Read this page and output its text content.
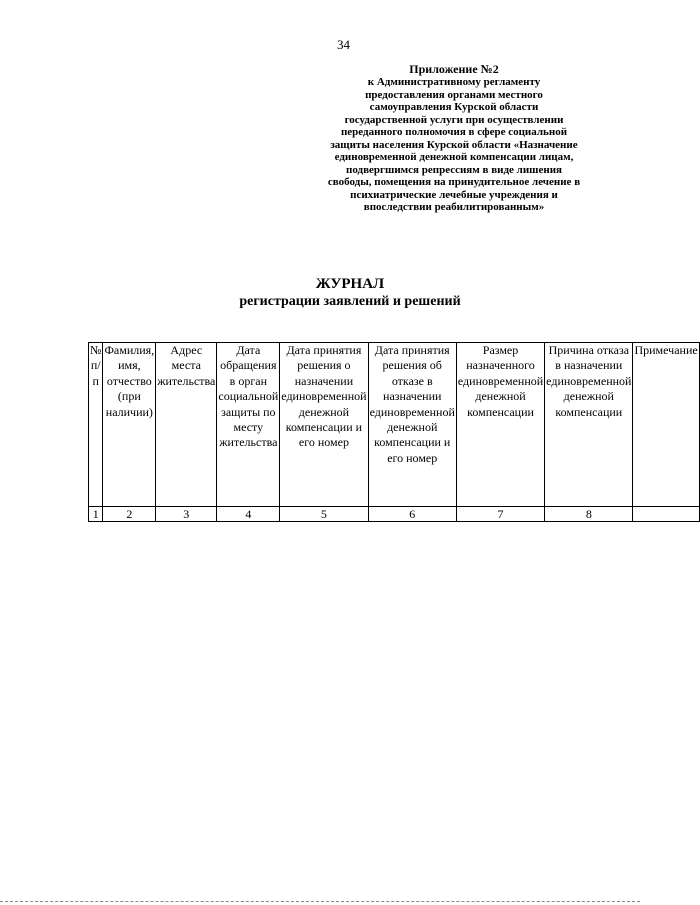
34
Приложение №2
к Административному регламенту
предоставления органами местного
самоуправления Курской области
государственной услуги при осуществлении
переданного полномочия в сфере социальной
защиты населения Курской области «Назначение
единовременной денежной компенсации лицам,
подвергшимся репрессиям в виде лишения
свободы, помещения на принудительное лечение в
психиатрические лечебные учреждения и
впоследствии реабилитированным»
ЖУРНАЛ
регистрации заявлений и решений
№ п/п	Фамилия, имя, отчество (при наличии)	Адрес места жительства	Дата обращения в орган социальной защиты по месту жительства	Дата принятия решения о назначении единовременной денежной компенсации и его номер	Дата принятия решения об отказе в назначении единовременной денежной компенсации и его номер	Размер назначенного единовременной денежной компенсации	Причина отказа в назначении единовременной денежной компенсации	Примечание
1	2	3	4	5	6	7	8	
